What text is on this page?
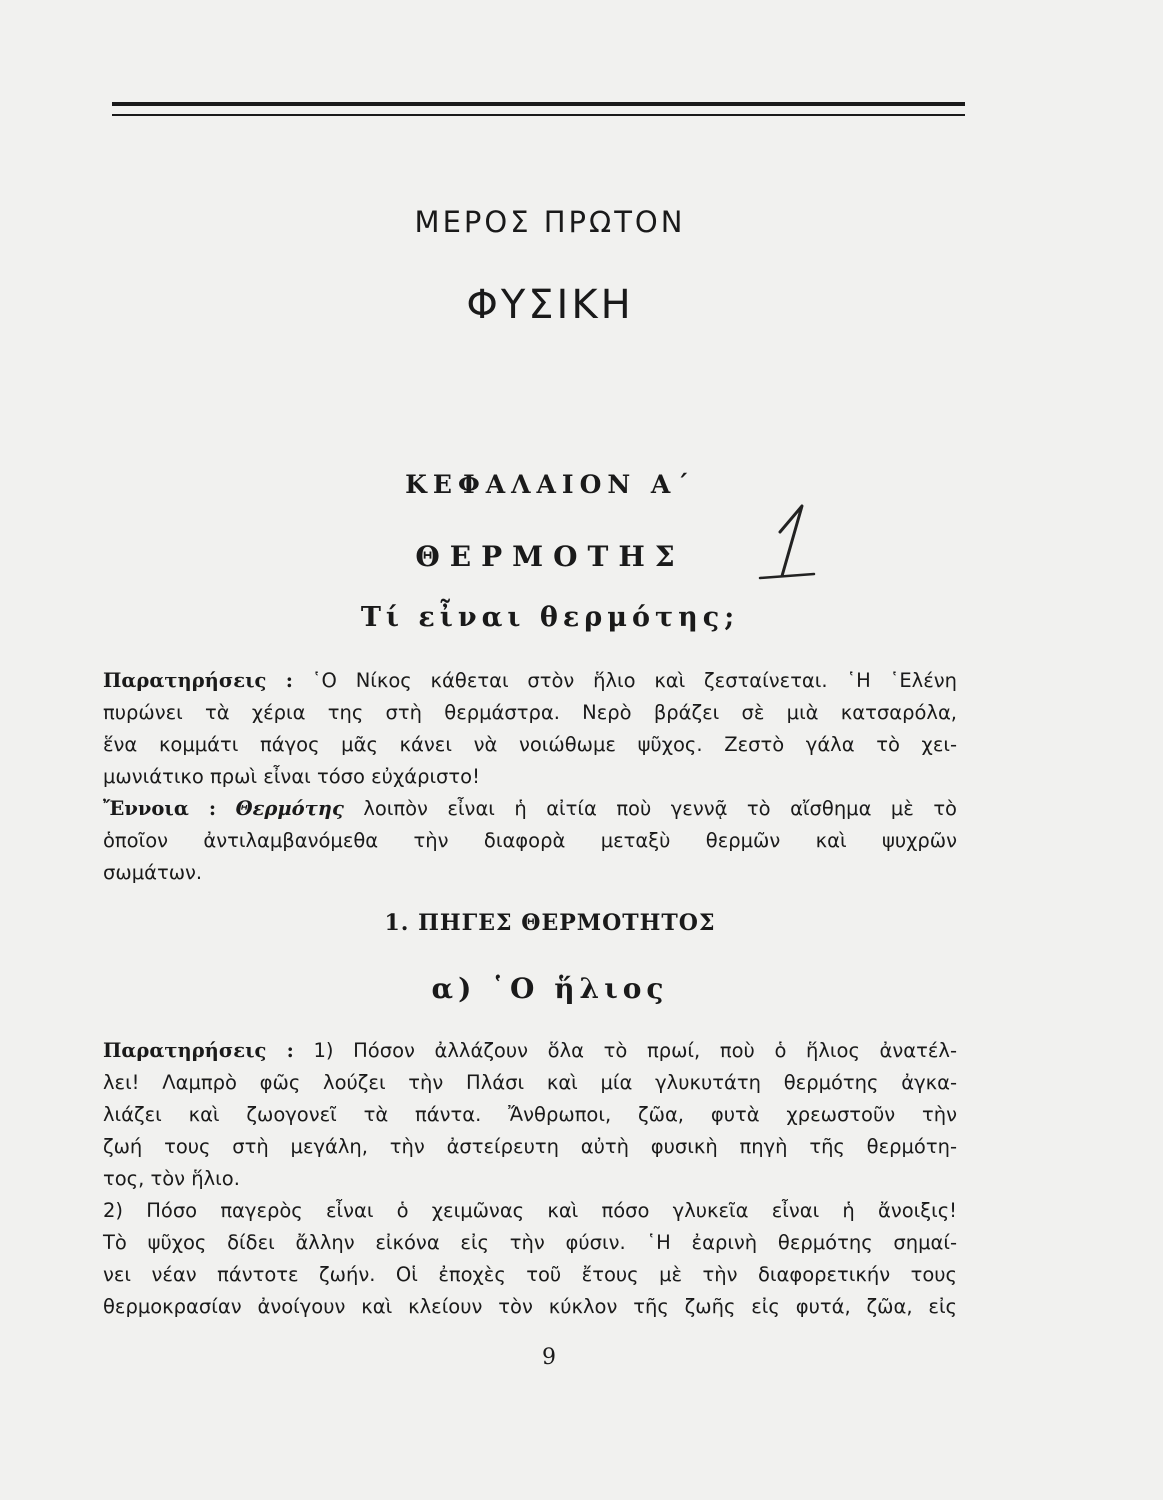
ΜΕΡΟΣ ΠΡΩΤΟΝ
ΦΥΣΙΚΗ
ΚΕΦΑΛΑΙΟΝ Α΄
ΘΕΡΜΟΤΗΣ
Τί εἶναι θερμότης;
Παρατηρήσεις : ῾Ο Νίκος κάθεται στὸν ἥλιο καὶ ζεσταίνεται. ῾Η ῾Ελένη
πυρώνει τὰ χέρια της στὴ θερμάστρα. Νερὸ βράζει σὲ μιὰ κατσαρόλα,
ἕνα κομμάτι πάγος μᾶς κάνει νὰ νοιώθωμε ψῦχος. Ζεστὸ γάλα τὸ χει-
μωνιάτικο πρωὶ εἶναι τόσο εὐχάριστο!
Ἔννοια : Θερμότης λοιπὸν εἶναι ἡ αἰτία ποὺ γεννᾷ τὸ αἴσθημα μὲ τὸ
ὁποῖον ἀντιλαμβανόμεθα τὴν διαφορὰ μεταξὺ θερμῶν καὶ ψυχρῶν
σωμάτων.
1. ΠΗΓΕΣ ΘΕΡΜΟΤΗΤΟΣ
α) ῾Ο ἥλιος
Παρατηρήσεις : 1) Πόσον ἀλλάζουν ὅλα τὸ πρωί, ποὺ ὁ ἥλιος ἀνατέλ-
λει! Λαμπρὸ φῶς λούζει τὴν Πλάσι καὶ μία γλυκυτάτη θερμότης ἀγκα-
λιάζει καὶ ζωογονεῖ τὰ πάντα. Ἄνθρωποι, ζῶα, φυτὰ χρεωστοῦν τὴν
ζωή τους στὴ μεγάλη, τὴν ἀστείρευτη αὐτὴ φυσικὴ πηγὴ τῆς θερμότη-
τος, τὸν ἥλιο.
2) Πόσο παγερὸς εἶναι ὁ χειμῶνας καὶ πόσο γλυκεῖα εἶναι ἡ ἄνοιξις!
Τὸ ψῦχος δίδει ἄλλην εἰκόνα εἰς τὴν φύσιν. ῾Η ἐαρινὴ θερμότης σημαί-
νει νέαν πάντοτε ζωήν. Οἱ ἐποχὲς τοῦ ἔτους μὲ τὴν διαφορετικήν τους
θερμοκρασίαν ἀνοίγουν καὶ κλείουν τὸν κύκλον τῆς ζωῆς εἰς φυτά, ζῶα, εἰς
9
